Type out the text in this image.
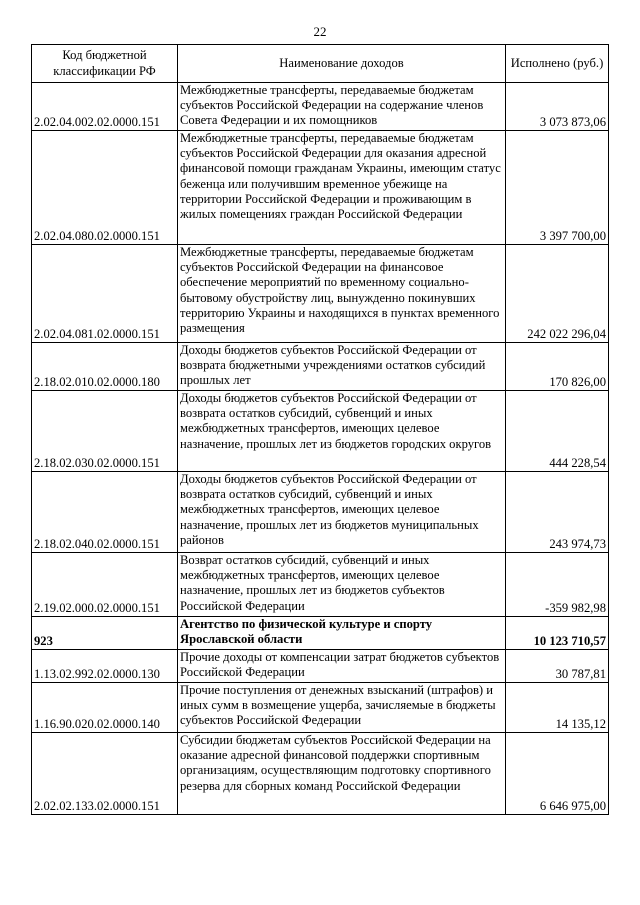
22
Код бюджетной классификации РФ	Наименование доходов	Исполнено (руб.)
2.02.04.002.02.0000.151	Межбюджетные трансферты, передаваемые бюджетам субъектов Российской Федерации на содержание членов Совета Федерации и их помощников	3 073 873,06
2.02.04.080.02.0000.151	Межбюджетные трансферты, передаваемые бюджетам субъектов Российской Федерации для оказания адресной финансовой помощи гражданам Украины, имеющим статус беженца или получившим временное убежище на территории Российской Федерации и проживающим в жилых помещениях граждан Российской Федерации	3 397 700,00
2.02.04.081.02.0000.151	Межбюджетные трансферты, передаваемые бюджетам субъектов Российской Федерации на финансовое обеспечение мероприятий по временному социально-бытовому обустройству лиц, вынужденно покинувших территорию Украины и находящихся в пунктах временного размещения	242 022 296,04
2.18.02.010.02.0000.180	Доходы бюджетов субъектов Российской Федерации от возврата бюджетными учреждениями остатков субсидий прошлых лет	170 826,00
2.18.02.030.02.0000.151	Доходы бюджетов субъектов Российской Федерации от возврата остатков субсидий, субвенций и иных межбюджетных трансфертов, имеющих целевое назначение, прошлых лет из бюджетов городских округов	444 228,54
2.18.02.040.02.0000.151	Доходы бюджетов субъектов Российской Федерации от возврата остатков субсидий, субвенций и иных межбюджетных трансфертов, имеющих целевое назначение, прошлых лет из бюджетов муниципальных районов	243 974,73
2.19.02.000.02.0000.151	Возврат остатков субсидий, субвенций и иных межбюджетных трансфертов, имеющих целевое назначение, прошлых лет из бюджетов субъектов Российской Федерации	-359 982,98
923	Агентство по физической культуре и спорту Ярославской области	10 123 710,57
1.13.02.992.02.0000.130	Прочие доходы от компенсации затрат бюджетов субъектов Российской Федерации	30 787,81
1.16.90.020.02.0000.140	Прочие поступления от денежных взысканий (штрафов) и иных сумм в возмещение ущерба, зачисляемые в бюджеты субъектов Российской Федерации	14 135,12
2.02.02.133.02.0000.151	Субсидии бюджетам субъектов Российской Федерации на оказание адресной финансовой поддержки спортивным организациям, осуществляющим подготовку спортивного резерва для сборных команд Российской Федерации	6 646 975,00
